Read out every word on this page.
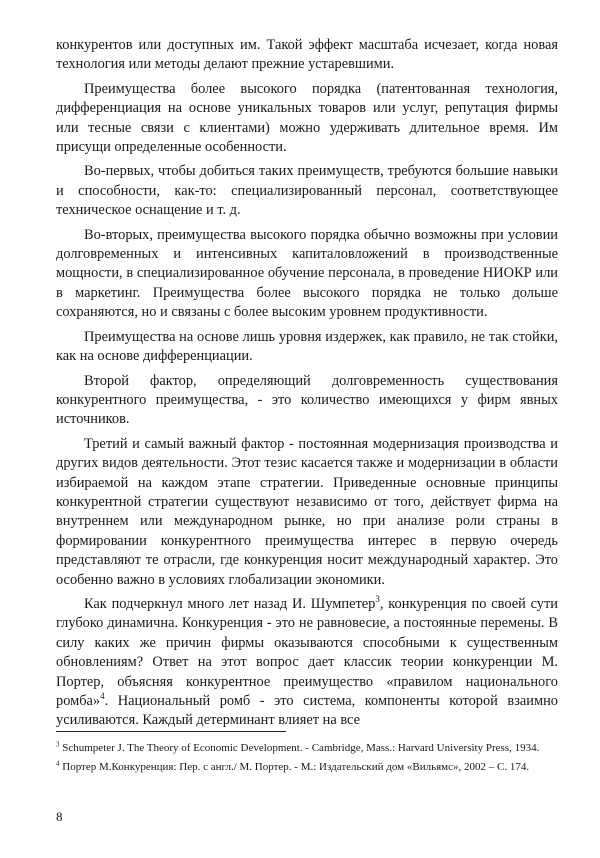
конкурентов или доступных им. Такой эффект масштаба исчезает, когда новая технология или методы делают прежние устаревшими.

Преимущества более высокого порядка (патентованная технология, дифференциация на основе уникальных товаров или услуг, репутация фирмы или тесные связи с клиентами) можно удерживать длительное время. Им присущи определенные особенности.

Во-первых, чтобы добиться таких преимуществ, требуются большие навыки и способности, как-то: специализированный персонал, соответствующее техническое оснащение и т. д.

Во-вторых, преимущества высокого порядка обычно возможны при условии долговременных и интенсивных капиталовложений в производственные мощности, в специализированное обучение персонала, в проведение НИОКР или в маркетинг. Преимущества более высокого порядка не только дольше сохраняются, но и связаны с более высоким уровнем продуктивности.

Преимущества на основе лишь уровня издержек, как правило, не так стойки, как на основе дифференциации.

Второй фактор, определяющий долговременность существования конкурентного преимущества, - это количество имеющихся у фирм явных источников.

Третий и самый важный фактор - постоянная модернизация производства и других видов деятельности. Этот тезис касается также и модернизации в области избираемой на каждом этапе стратегии. Приведенные основные принципы конкурентной стратегии существуют независимо от того, действует фирма на внутреннем или международном рынке, но при анализе роли страны в формировании конкурентного преимущества интерес в первую очередь представляют те отрасли, где конкуренция носит международный характер. Это особенно важно в условиях глобализации экономики.

Как подчеркнул много лет назад И. Шумпетер$^3$, конкуренция по своей сути глубоко динамична. Конкуренция - это не равновесие, а постоянные перемены. В силу каких же причин фирмы оказываются способными к существенным обновлениям? Ответ на этот вопрос дает классик теории конкуренции М. Портер, объясняя конкурентное преимущество «правилом национального ромба»$^4$. Национальный ромб - это система, компоненты которой взаимно усиливаются. Каждый детерминант влияет на все

$^3$ Schumpeter J. The Theory of Economic Development. - Cambridge, Mass.: Harvard University Press, 1934.

$^4$ Портер М.Конкуренция: Пер. с англ./ М. Портер. - М.: Издательский дом «Вильямс», 2002 – С. 174.

8
